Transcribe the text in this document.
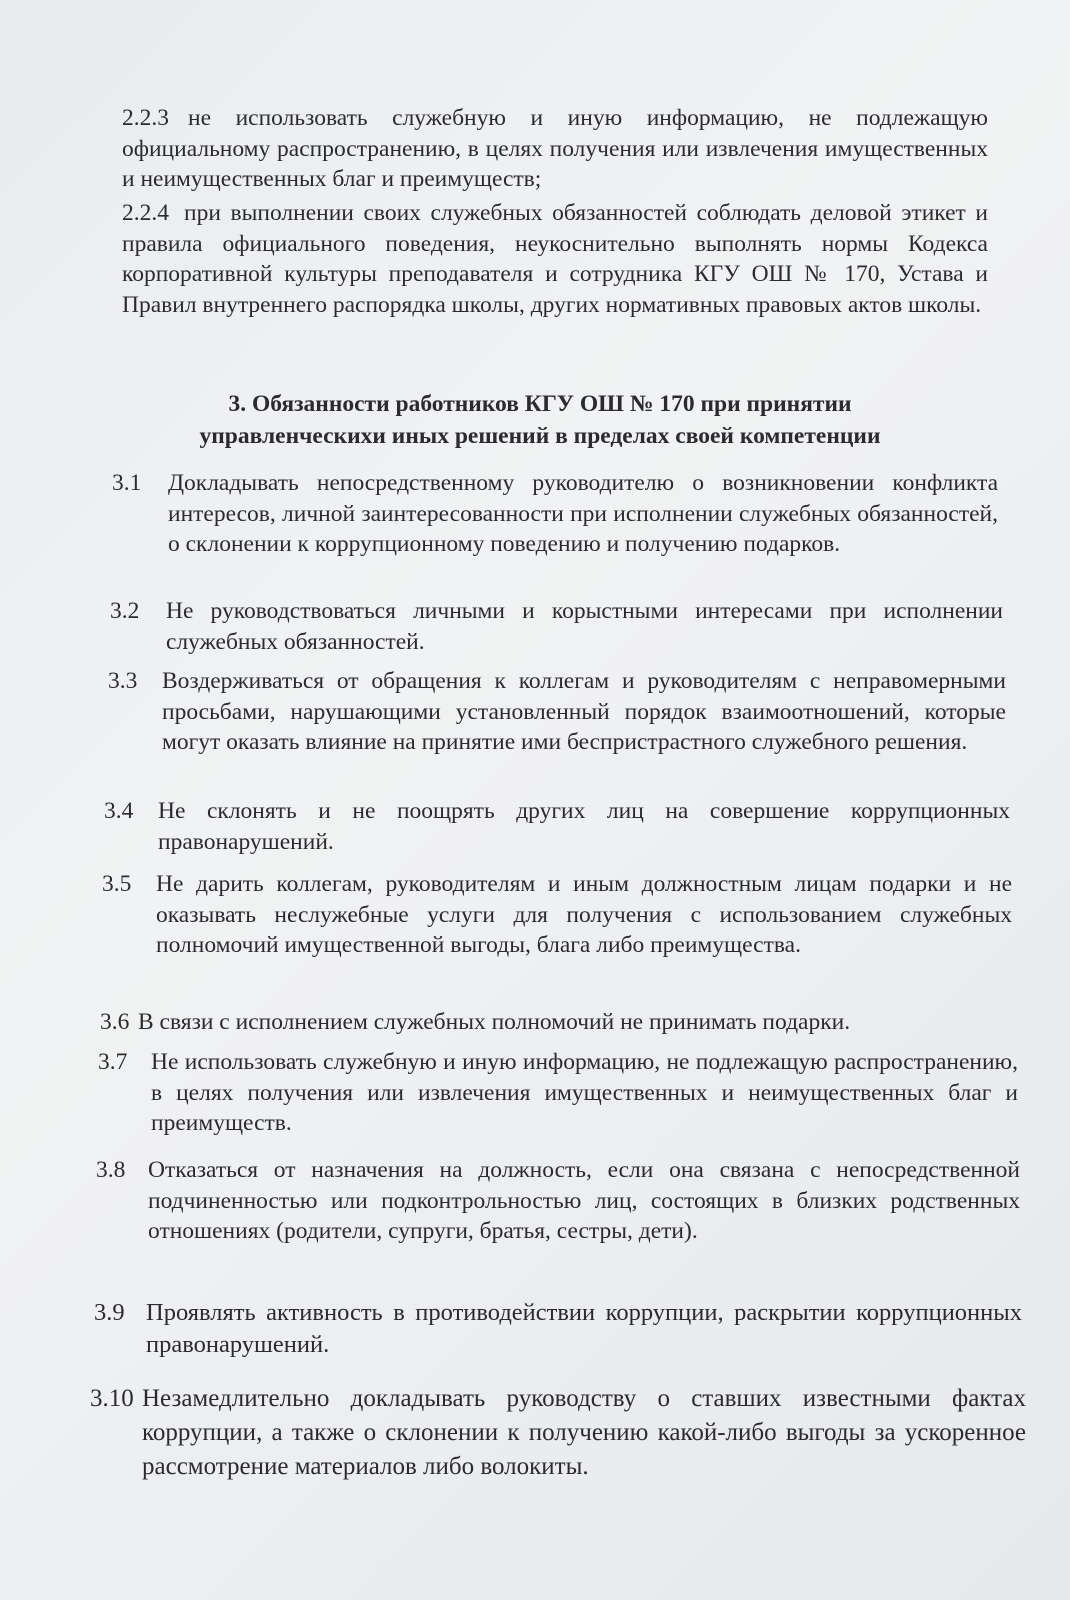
2.2.3 не использовать служебную и иную информацию, не подлежащую официальному распространению, в целях получения или извлечения имущественных и неимущественных благ и преимуществ;
2.2.4 при выполнении своих служебных обязанностей соблюдать деловой этикет и правила официального поведения, неукоснительно выполнять нормы Кодекса корпоративной культуры преподавателя и сотрудника КГУ ОШ № 170, Устава и Правил внутреннего распорядка школы, других нормативных правовых актов школы.
3. Обязанности работников КГУ ОШ № 170 при принятии
управленческихи иных решений в пределах своей компетенции
3.1	Докладывать непосредственному руководителю о возникновении конфликта интересов, личной заинтересованности при исполнении служебных обязанностей, о склонении к коррупционному поведению и получению подарков.
3.2	Не руководствоваться личными и корыстными интересами при исполнении служебных обязанностей.
3.3	Воздерживаться от обращения к коллегам и руководителям с неправомерными просьбами, нарушающими установленный порядок взаимоотношений, которые могут оказать влияние на принятие ими беспристрастного служебного решения.
3.4	Не склонять и не поощрять других лиц на совершение коррупционных правонарушений.
3.5	Не дарить коллегам, руководителям и иным должностным лицам подарки и не оказывать неслужебные услуги для получения с использованием служебных полномочий имущественной выгоды, блага либо преимущества.
3.6 В связи с исполнением служебных полномочий не принимать подарки.
3.7	Не использовать служебную и иную информацию, не подлежащую распространению, в целях получения или извлечения имущественных и неимущественных благ и преимуществ.
3.8 Отказаться от назначения на должность, если она связана с непосредственной подчиненностью или подконтрольностью лиц, состоящих в близких родственных отношениях (родители, супруги, братья, сестры, дети).
3.9 Проявлять активность в противодействии коррупции, раскрытии коррупционных правонарушений.
3.10 Незамедлительно докладывать руководству о ставших известными фактах коррупции, а также о склонении к получению какой-либо выгоды за ускоренное рассмотрение материалов либо волокиты.
